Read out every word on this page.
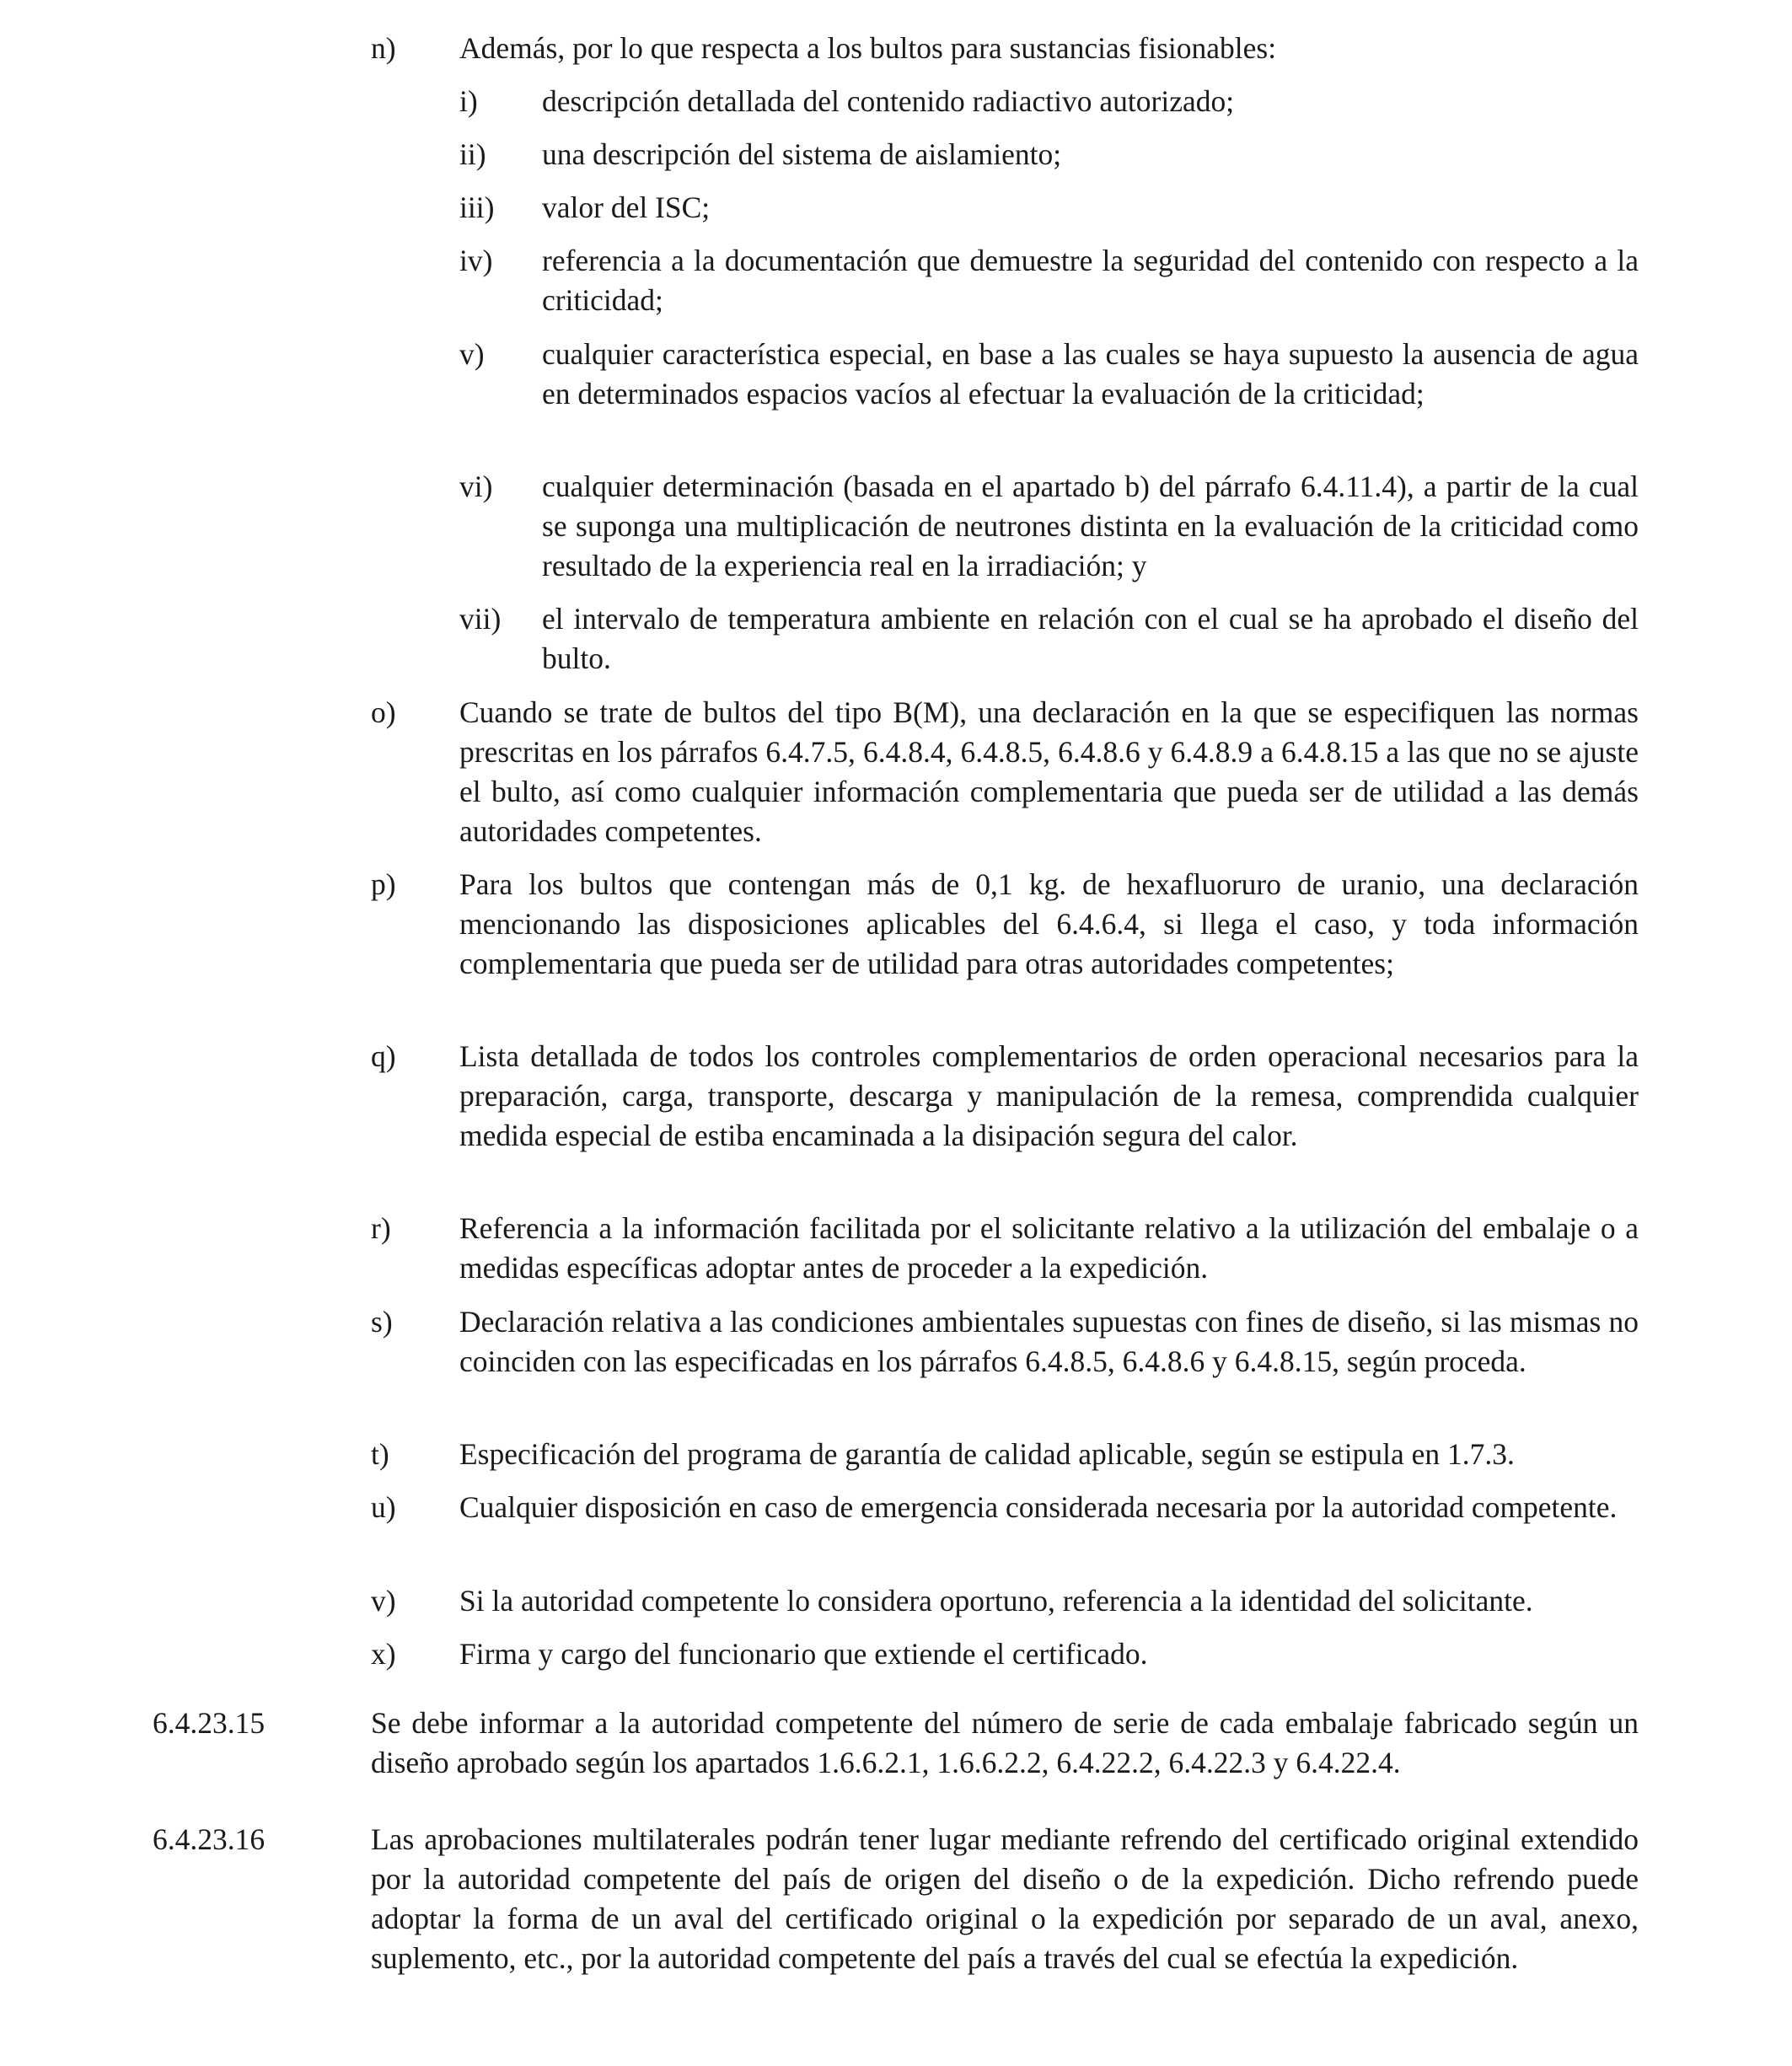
n)	Además, por lo que respecta a los bultos para sustancias fisionables:
i)	descripción detallada del contenido radiactivo autorizado;
ii)	una descripción del sistema de aislamiento;
iii)	valor del ISC;
iv)	referencia a la documentación que demuestre la seguridad del contenido con respecto a la criticidad;
v)	cualquier característica especial, en base a las cuales se haya supuesto la ausencia de agua en determinados espacios vacíos al efectuar la evaluación de la criticidad;
vi)	cualquier determinación (basada en el apartado b) del párrafo 6.4.11.4), a partir de la cual se suponga una multiplicación de neutrones distinta en la evaluación de la criticidad como resultado de la experiencia real en la irradiación; y
vii)	el intervalo de temperatura ambiente en relación con el cual se ha aprobado el diseño del bulto.
o)	Cuando se trate de bultos del tipo B(M), una declaración en la que se especifiquen las normas prescritas en los párrafos 6.4.7.5, 6.4.8.4, 6.4.8.5, 6.4.8.6 y 6.4.8.9 a 6.4.8.15 a las que no se ajuste el bulto, así como cualquier información complementaria que pueda ser de utilidad a las demás autoridades competentes.
p)	Para los bultos que contengan más de 0,1 kg. de hexafluoruro de uranio, una declaración mencionando las disposiciones aplicables del 6.4.6.4, si llega el caso, y toda información complementaria que pueda ser de utilidad para otras autoridades competentes;
q)	Lista detallada de todos los controles complementarios de orden operacional necesarios para la preparación, carga, transporte, descarga y manipulación de la remesa, comprendida cualquier medida especial de estiba encaminada a la disipación segura del calor.
r)	Referencia a la información facilitada por el solicitante relativo a la utilización del embalaje o a medidas específicas adoptar antes de proceder a la expedición.
s)	Declaración relativa a las condiciones ambientales supuestas con fines de diseño, si las mismas no coinciden con las especificadas en los párrafos 6.4.8.5, 6.4.8.6 y 6.4.8.15, según proceda.
t)	Especificación del programa de garantía de calidad aplicable, según se estipula en 1.7.3.
u)	Cualquier disposición en caso de emergencia considerada necesaria por la autoridad competente.
v)	Si la autoridad competente lo considera oportuno, referencia a la identidad del solicitante.
x)	Firma y cargo del funcionario que extiende el certificado.
6.4.23.15	Se debe informar a la autoridad competente del número de serie de cada embalaje fabricado según un diseño aprobado según los apartados 1.6.6.2.1, 1.6.6.2.2, 6.4.22.2, 6.4.22.3 y 6.4.22.4.
6.4.23.16	Las aprobaciones multilaterales podrán tener lugar mediante refrendo del certificado original extendido por la autoridad competente del país de origen del diseño o de la expedición. Dicho refrendo puede adoptar la forma de un aval del certificado original o la expedición por separado de un aval, anexo, suplemento, etc., por la autoridad competente del país a través del cual se efectúa la expedición.
